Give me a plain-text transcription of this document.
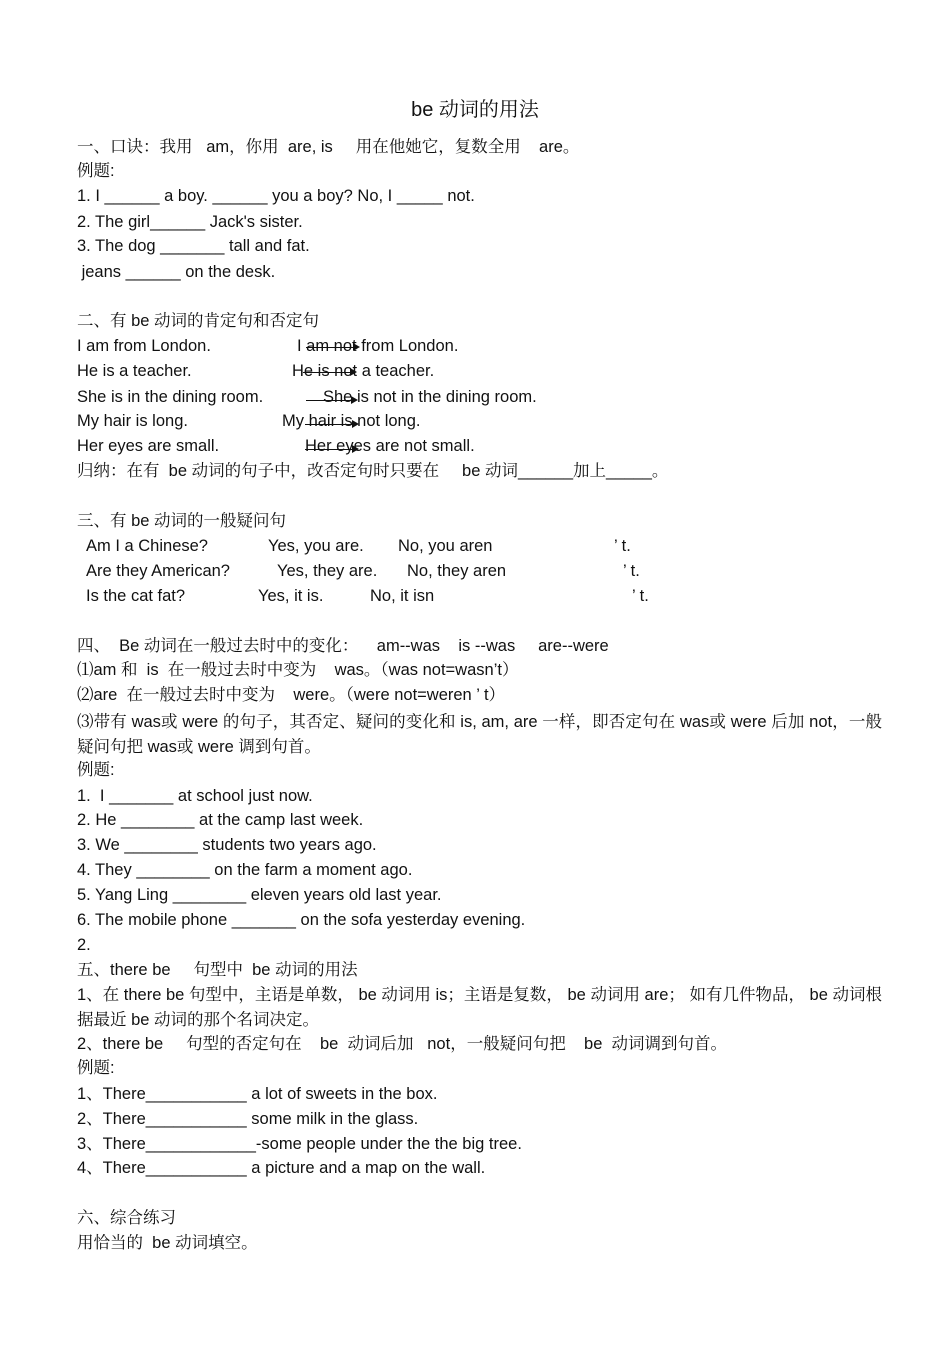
be 动词的用法
一、口诀：我用   am，你用  are, is     用在他她它，复数全用    are。
例题:
1. I ______ a boy. ______ you a boy? No, I _____ not.
2. The girl______ Jack's sister.
3. The dog _______ tall and fat.
jeans ______ on the desk.
二、有 be 动词的肯定句和否定句
I am from London.	I am not from London.
He is a teacher.	He is not a teacher.
She is in the dining room.	She is not in the dining room.
My hair is long.	My hair is not long.
Her eyes are small.	Her eyes are not small.
归纳：在有  be 动词的句子中，改否定句时只要在     be 动词______加上_____。
三、有 be 动词的一般疑问句
Am I a Chinese?	Yes, you are. No, you aren	’ t.
Are they American?	Yes, they are. No, they aren	’ t.
Is the cat fat?	Yes, it is.	No, it isn	’ t.
四、  Be 动词在一般过去时中的变化：    am--was    is --was     are--were
⑴am 和  is  在一般过去时中变为    was。（was not=wasn’t）
⑵are  在一般过去时中变为    were。（were not=weren ’ t）
⑶带有 was或 were 的句子，其否定、疑问的变化和 is, am, are 一样，即否定句在 was或 were 后加 not，一般疑问句把 was或 were 调到句首。
例题:
1.  I _______ at school just now.
2. He ________ at the camp last week.
3. We ________ students two years ago.
4. They ________ on the farm a moment ago.
5. Yang Ling ________ eleven years old last year.
6. The mobile phone _______ on the sofa yesterday evening.
2.
五、there be     句型中  be 动词的用法
1、在 there be 句型中，主语是单数， be 动词用 is；主语是复数， be 动词用 are； 如有几件物品， be 动词根据最近 be 动词的那个名词决定。
2、there be     句型的否定句在    be  动词后加   not，一般疑问句把    be  动词调到句首。
例题:
1、There___________ a lot of sweets in the box.
2、There___________ some milk in the glass.
3、There____________-some people under the the big tree.
4、There___________ a picture and a map on the wall.
六、综合练习
用恰当的  be 动词填空。
